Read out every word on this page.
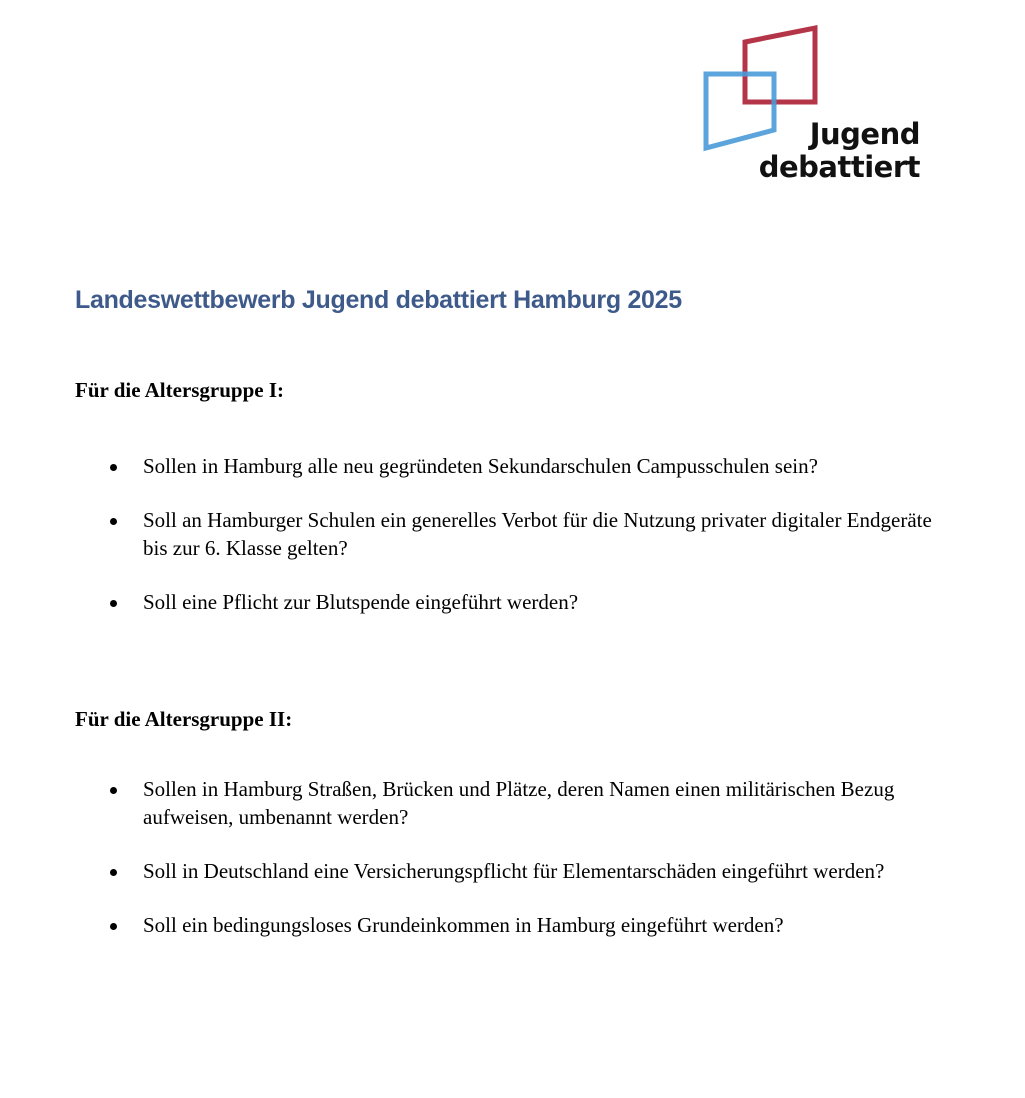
Jugend
debattiert
Landeswettbewerb Jugend debattiert Hamburg 2025
Für die Altersgruppe I:
Sollen in Hamburg alle neu gegründeten Sekundarschulen Campusschulen sein?
Soll an Hamburger Schulen ein generelles Verbot für die Nutzung privater digitaler Endgeräte bis zur 6. Klasse gelten?
Soll eine Pflicht zur Blutspende eingeführt werden?
Für die Altersgruppe II:
Sollen in Hamburg Straßen, Brücken und Plätze, deren Namen einen militärischen Bezug aufweisen, umbenannt werden?
Soll in Deutschland eine Versicherungspflicht für Elementarschäden eingeführt werden?
Soll ein bedingungsloses Grundeinkommen in Hamburg eingeführt werden?
